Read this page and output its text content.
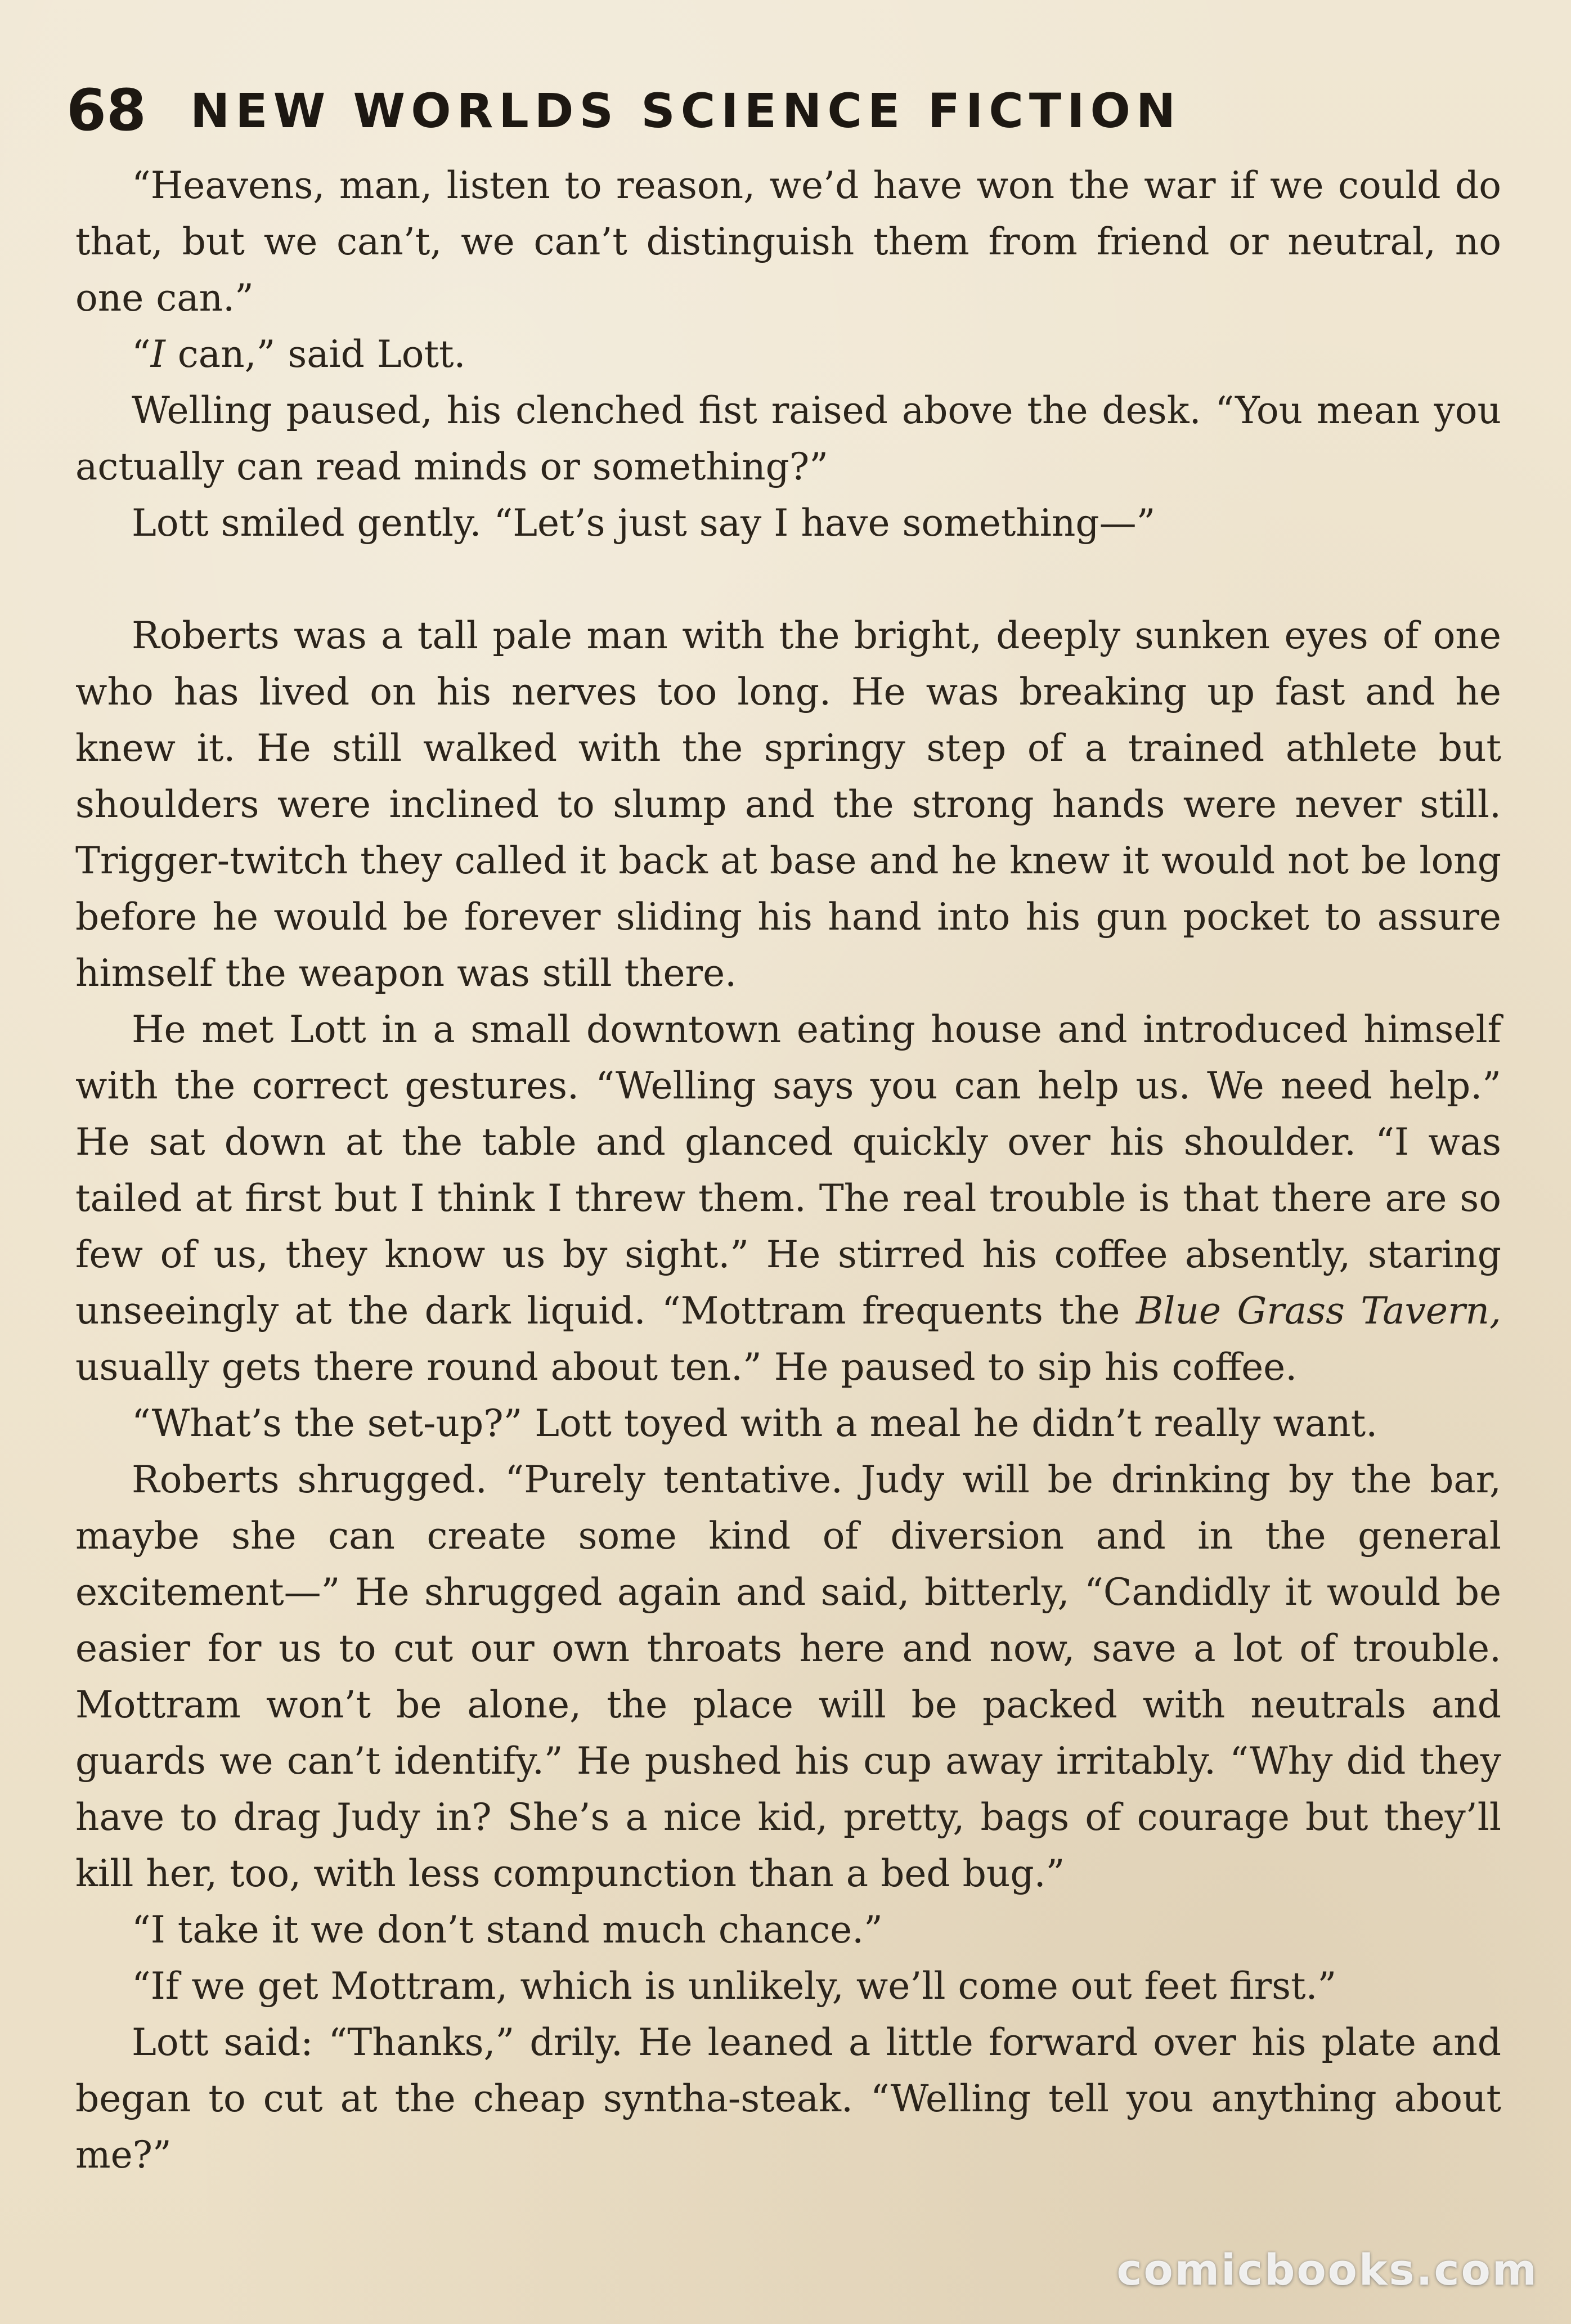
68 NEW WORLDS SCIENCE FICTION

“Heavens, man, listen to reason, we’d have won the war if we could do that, but we can’t, we can’t distinguish them from friend or neutral, no one can.”

“I can,” said Lott.

Welling paused, his clenched fist raised above the desk. “You mean you actually can read minds or something?”

Lott smiled gently. “Let’s just say I have something—”

Roberts was a tall pale man with the bright, deeply sunken eyes of one who has lived on his nerves too long. He was breaking up fast and he knew it. He still walked with the springy step of a trained athlete but shoulders were inclined to slump and the strong hands were never still. Trigger-twitch they called it back at base and he knew it would not be long before he would be forever sliding his hand into his gun pocket to assure himself the weapon was still there.

He met Lott in a small downtown eating house and introduced himself with the correct gestures. “Welling says you can help us. We need help.” He sat down at the table and glanced quickly over his shoulder. “I was tailed at first but I think I threw them. The real trouble is that there are so few of us, they know us by sight.” He stirred his coffee absently, staring unseeingly at the dark liquid. “Mottram frequents the Blue Grass Tavern, usually gets there round about ten.” He paused to sip his coffee.

“What’s the set-up?” Lott toyed with a meal he didn’t really want.

Roberts shrugged. “Purely tentative. Judy will be drinking by the bar, maybe she can create some kind of diversion and in the general excitement—” He shrugged again and said, bitterly, “Candidly it would be easier for us to cut our own throats here and now, save a lot of trouble. Mottram won’t be alone, the place will be packed with neutrals and guards we can’t identify.” He pushed his cup away irritably. “Why did they have to drag Judy in? She’s a nice kid, pretty, bags of courage but they’ll kill her, too, with less compunction than a bed bug.”

“I take it we don’t stand much chance.”

“If we get Mottram, which is unlikely, we’ll come out feet first.”

Lott said: “Thanks,” drily. He leaned a little forward over his plate and began to cut at the cheap syntha-steak. “Welling tell you anything about me?”

comicbooks.com
